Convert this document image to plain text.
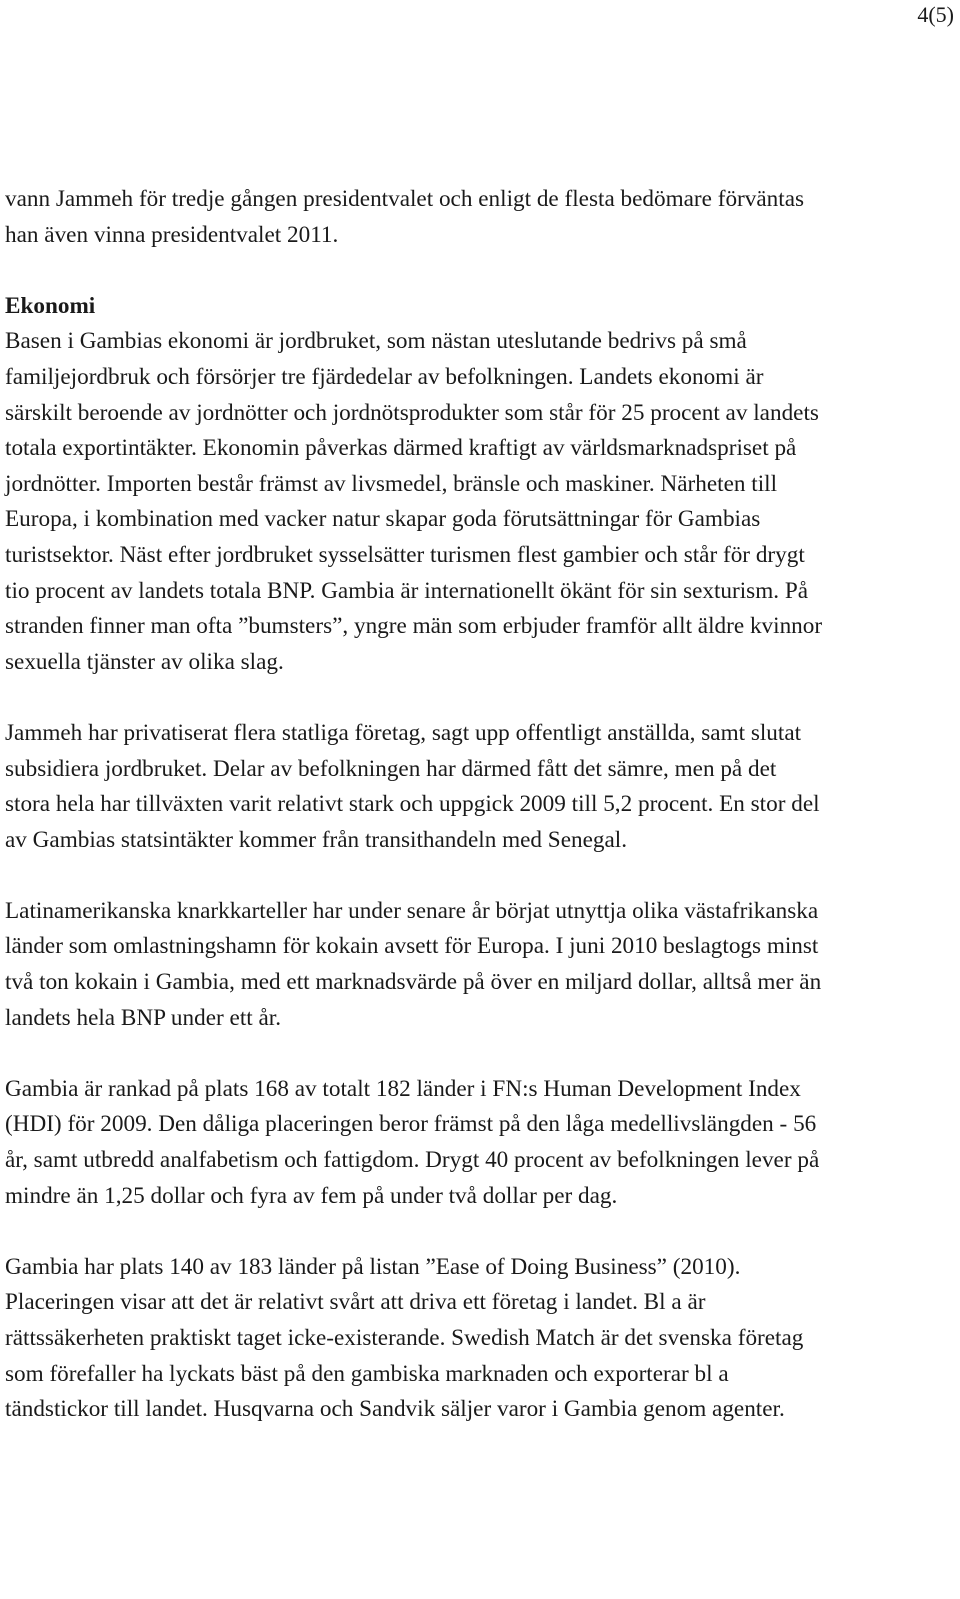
4(5)

vann Jammeh för tredje gången presidentvalet och enligt de flesta bedömare förväntas han även vinna presidentvalet 2011.

Ekonomi

Basen i Gambias ekonomi är jordbruket, som nästan uteslutande bedrivs på små familjejordbruk och försörjer tre fjärdedelar av befolkningen. Landets ekonomi är särskilt beroende av jordnötter och jordnötsprodukter som står för 25 procent av landets totala exportintäkter. Ekonomin påverkas därmed kraftigt av världsmarknadspriset på jordnötter. Importen består främst av livsmedel, bränsle och maskiner. Närheten till Europa, i kombination med vacker natur skapar goda förutsättningar för Gambias turistsektor. Näst efter jordbruket sysselsätter turismen flest gambier och står för drygt tio procent av landets totala BNP. Gambia är internationellt ökänt för sin sexturism. På stranden finner man ofta ”bumsters”, yngre män som erbjuder framför allt äldre kvinnor sexuella tjänster av olika slag.

Jammeh har privatiserat flera statliga företag, sagt upp offentligt anställda, samt slutat subsidiera jordbruket. Delar av befolkningen har därmed fått det sämre, men på det stora hela har tillväxten varit relativt stark och uppgick 2009 till 5,2 procent. En stor del av Gambias statsintäkter kommer från transithandeln med Senegal.

Latinamerikanska knarkkarteller har under senare år börjat utnyttja olika västafrikanska länder som omlastningshamn för kokain avsett för Europa. I juni 2010 beslagtogs minst två ton kokain i Gambia, med ett marknadsvärde på över en miljard dollar, alltså mer än landets hela BNP under ett år.

Gambia är rankad på plats 168 av totalt 182 länder i FN:s Human Development Index (HDI) för 2009. Den dåliga placeringen beror främst på den låga medellivslängden - 56 år, samt utbredd analfabetism och fattigdom. Drygt 40 procent av befolkningen lever på mindre än 1,25 dollar och fyra av fem på under två dollar per dag.

Gambia har plats 140 av 183 länder på listan ”Ease of Doing Business” (2010). Placeringen visar att det är relativt svårt att driva ett företag i landet. Bl a är rättssäkerheten praktiskt taget icke-existerande. Swedish Match är det svenska företag som förefaller ha lyckats bäst på den gambiska marknaden och exporterar bl a tändstickor till landet. Husqvarna och Sandvik säljer varor i Gambia genom agenter.
